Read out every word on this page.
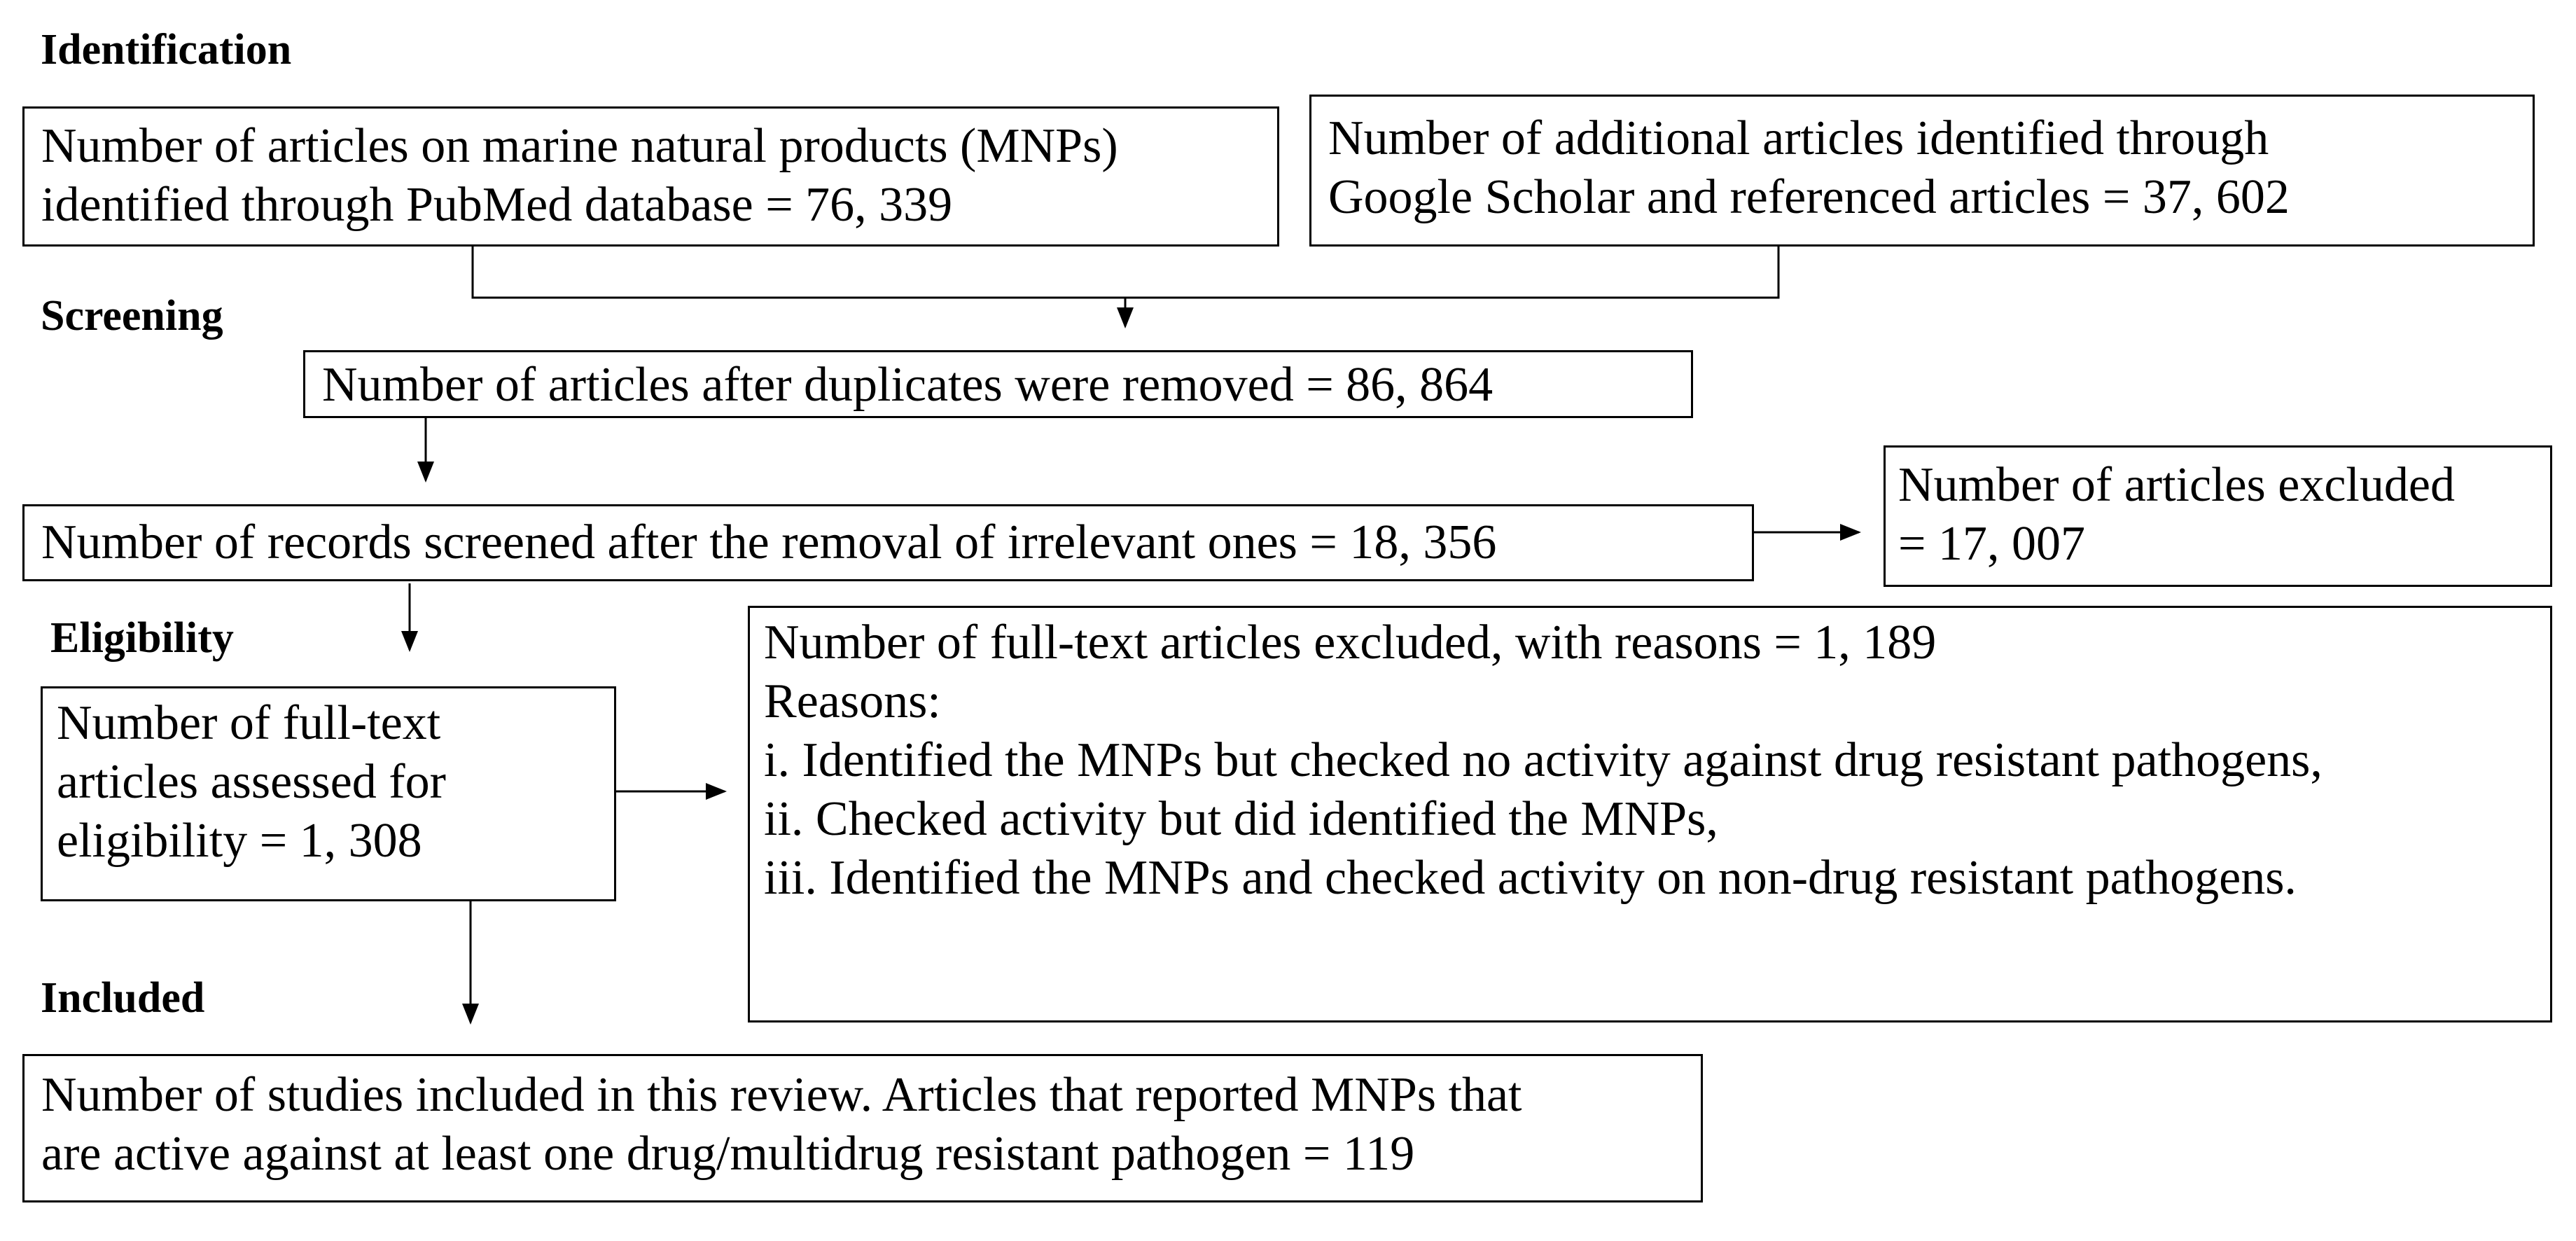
Identification
Screening
Eligibility
Included
Number of articles on marine natural products (MNPs)
identified through PubMed database = 76, 339
Number of additional articles identified through
Google Scholar and referenced articles = 37, 602
Number of articles after duplicates were removed = 86, 864
Number of records screened after the removal of irrelevant ones = 18, 356
Number of articles excluded
= 17, 007
Number of full-text
articles assessed for
eligibility = 1, 308
Number of full-text articles excluded, with reasons = 1, 189
Reasons:
i. Identified the MNPs but checked no activity against drug resistant pathogens,
ii. Checked activity but did identified the MNPs,
iii. Identified the MNPs and checked activity on non-drug resistant pathogens.
Number of studies included in this review. Articles that reported MNPs that
are active against at least one drug/multidrug resistant pathogen = 119
